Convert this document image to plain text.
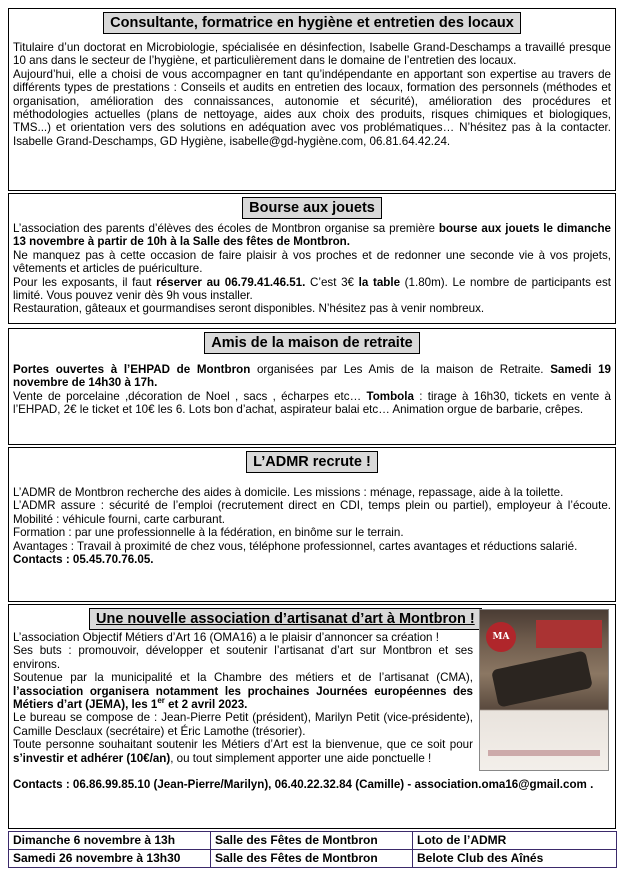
Consultante, formatrice en hygiène et entretien des locaux

Titulaire d’un doctorat en Microbiologie, spécialisée en désinfection, Isabelle Grand-Deschamps a travaillé presque 10 ans dans le secteur de l’hygiène, et particulièrement dans le domaine de l’entretien des locaux.

Aujourd’hui, elle a choisi de vous accompagner en tant qu’indépendante en apportant son expertise au travers de différents types de prestations : Conseils et audits en entretien des locaux, formation des personnels (méthodes et organisation, amélioration des connaissances, autonomie et sécurité), amélioration des procédures et méthodologies actuelles (plans de nettoyage, aides aux choix des produits, risques chimiques et biologiques, TMS...) et orientation vers des solutions en adéquation avec vos problématiques… N’hésitez pas à la contacter. Isabelle Grand-Deschamps, GD Hygiène, isabelle@gd-hygiène.com, 06.81.64.42.24.

Bourse aux jouets

L’association des parents d’élèves des écoles de Montbron organise sa première bourse aux jouets le dimanche 13 novembre à partir de 10h à la Salle des fêtes de Montbron.

Ne manquez pas à cette occasion de faire plaisir à vos proches et de redonner une seconde vie à vos projets, vêtements et articles de puériculture.

Pour les exposants, il faut réserver au 06.79.41.46.51. C’est 3€ la table (1.80m). Le nombre de participants est limité. Vous pouvez venir dès 9h vous installer.

Restauration, gâteaux et gourmandises seront disponibles. N’hésitez pas à venir nombreux.

Amis de la maison de retraite

Portes ouvertes à l’EHPAD de Montbron organisées par Les Amis de la maison de Retraite. Samedi 19 novembre de 14h30 à 17h.

Vente de porcelaine ,décoration de Noel , sacs , écharpes etc… Tombola : tirage à 16h30, tickets en vente à l’EHPAD, 2€ le ticket et 10€ les 6. Lots bon d’achat, aspirateur balai etc… Animation orgue de barbarie, crêpes.

L’ADMR recrute !

L’ADMR de Montbron recherche des aides à domicile. Les missions : ménage, repassage, aide à la toilette.

L’ADMR assure : sécurité de l’emploi (recrutement direct en CDI, temps plein ou partiel), employeur à l’écoute. Mobilité : véhicule fourni, carte carburant.

Formation : par une professionnelle à la fédération, en binôme sur le terrain.

Avantages : Travail à proximité de chez vous, téléphone professionnel, cartes avantages et réductions salarié.

Contacts : 05.45.70.76.05.

Une nouvelle association d’artisanat d’art à Montbron !
MA

L’association Objectif Métiers d’Art 16 (OMA16) a le plaisir d’annoncer sa création !

Ses buts : promouvoir, développer et soutenir l’artisanat d’art sur Montbron et ses environs.

Soutenue par la municipalité et la Chambre des métiers et de l’artisanat (CMA), l’association organisera notamment les prochaines Journées européennes des Métiers d’art (JEMA), les 1er et 2 avril 2023.

Le bureau se compose de : Jean-Pierre Petit (président), Marilyn Petit (vice-présidente), Camille Desclaux (secrétaire) et Éric Lamothe (trésorier).

Toute personne souhaitant soutenir les Métiers d’Art est la bienvenue, que ce soit pour s’investir et adhérer (10€/an), ou tout simplement apporter une aide ponctuelle !

Contacts : 06.86.99.85.10 (Jean-Pierre/Marilyn), 06.40.22.32.84 (Camille) - association.oma16@gmail.com .

Dimanche 6 novembre à 13h	Salle des Fêtes de Montbron	Loto de l’ADMR
Samedi 26 novembre à 13h30	Salle des Fêtes de Montbron	Belote Club des Aînés
